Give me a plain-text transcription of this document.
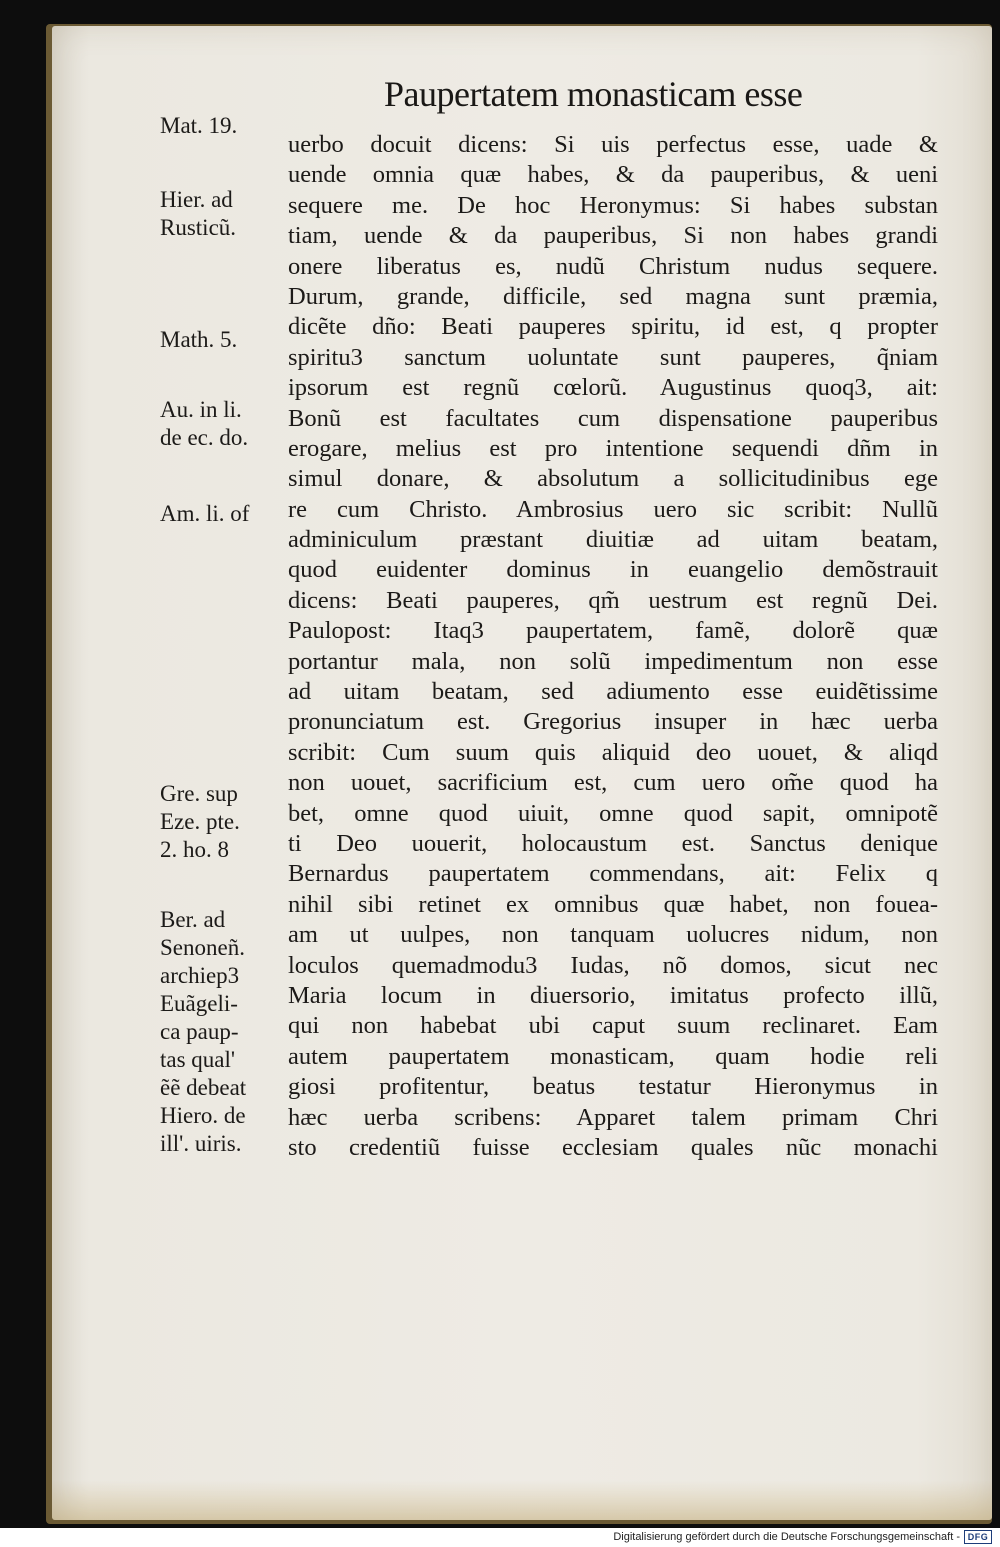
Paupertatem monasticam esse
uerbo docuit dicens: Si uis perfectus esse, uade &
uende omnia quæ habes, & da pauperibus, & ueni
sequere me. De hoc Heronymus: Si habes substan
tiam, uende & da pauperibus, Si non habes grandi
onere liberatus es, nudũ Christum nudus sequere.
Durum, grande, difficile, sed magna sunt præmia,
dicẽte dño: Beati pauperes spiritu, id est, q propter
spiritu3 sanctum uoluntate sunt pauperes, q̃niam
ipsorum est regnũ cœlorũ. Augustinus quoq3, ait:
Bonũ est facultates cum dispensatione pauperibus
erogare, melius est pro intentione sequendi dñm in
simul donare, & absolutum a sollicitudinibus ege
re cum Christo. Ambrosius uero sic scribit: Nullũ
adminiculum præstant diuitiæ ad uitam beatam,
quod euidenter dominus in euangelio demõstrauit
dicens: Beati pauperes, qm̃ uestrum est regnũ Dei.
Paulopost: Itaq3 paupertatem, famẽ, dolorẽ quæ
portantur mala, non solũ impedimentum non esse
ad uitam beatam, sed adiumento esse euidẽtissime
pronunciatum est. Gregorius insuper in hæc uerba
scribit: Cum suum quis aliquid deo uouet, & aliqd
non uouet, sacrificium est, cum uero om̃e quod ha
bet, omne quod uiuit, omne quod sapit, omnipotẽ
ti Deo uouerit, holocaustum est. Sanctus denique
Bernardus paupertatem commendans, ait: Felix q
nihil sibi retinet ex omnibus quæ habet, non fouea-
am ut uulpes, non tanquam uolucres nidum, non
loculos quemadmodu3 Iudas, nõ domos, sicut nec
Maria locum in diuersorio, imitatus profecto illũ,
qui non habebat ubi caput suum reclinaret. Eam
autem paupertatem monasticam, quam hodie reli
giosi profitentur, beatus testatur Hieronymus in
hæc uerba scribens: Apparet talem primam Chri
sto credentiũ fuisse ecclesiam quales nũc monachi
Mat. 19.
Hier. ad
Rusticũ.
Math. 5.
Au. in li.
de ec. do.
Am. li. of
Gre. sup
Eze. pte.
2. ho. 8
Ber. ad
Senoneñ.
archiep3
Euãgeli-
ca paup-
tas qual'
ẽẽ debeat
Hiero. de
ill'. uiris.
Digitalisierung gefördert durch die Deutsche Forschungsgemeinschaft - DFG
